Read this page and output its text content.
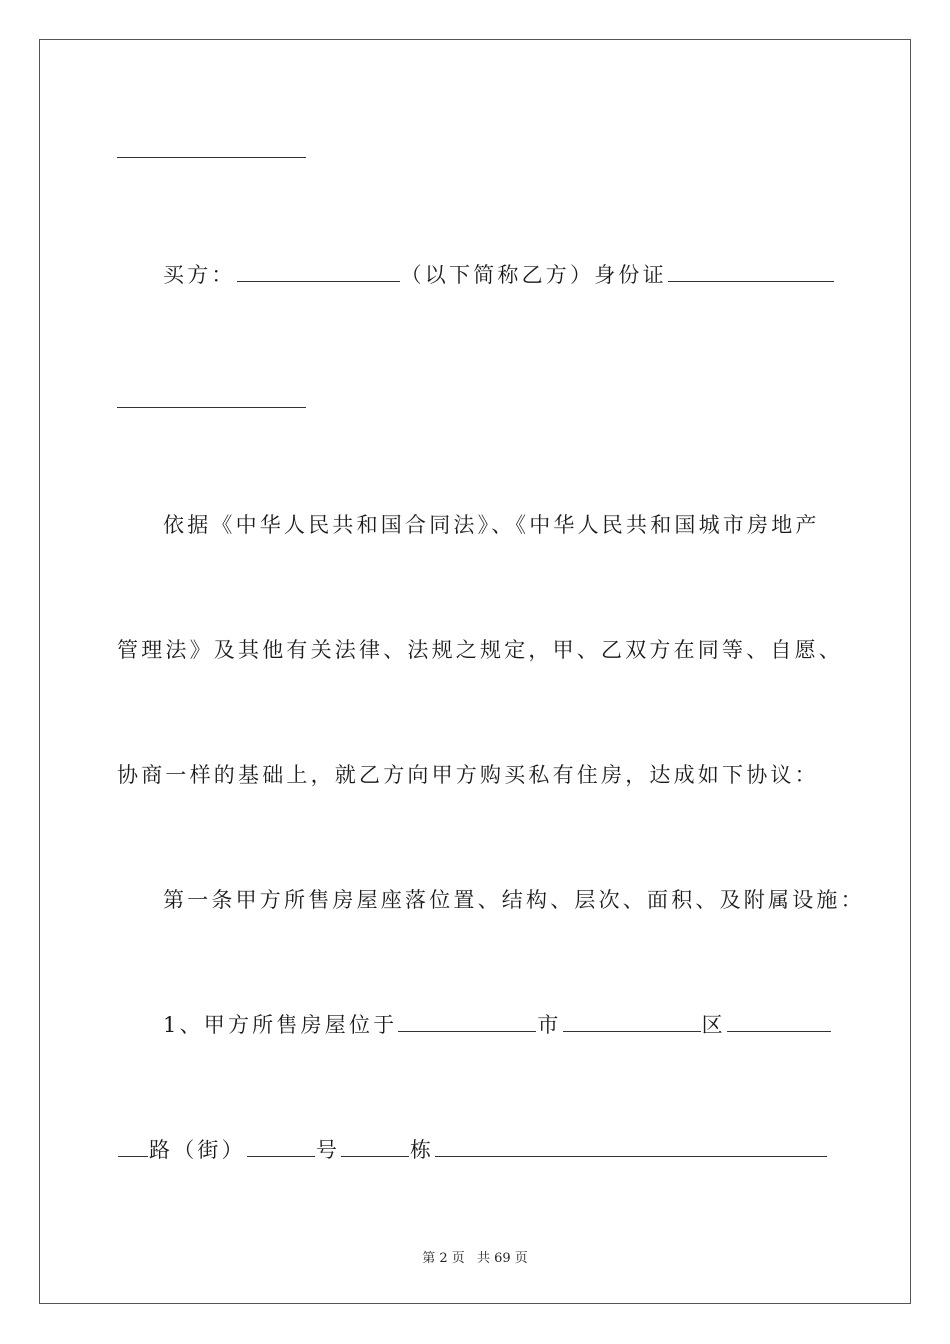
买方：	（以下简称乙方）身份证
依据《中华人民共和国合同法》、《中华人民共和国城市房地产
管理法》及其他有关法律、法规之规定，甲、乙双方在同等、自愿、
协商一样的基础上，就乙方向甲方购买私有住房，达成如下协议：
第一条甲方所售房屋座落位置、结构、层次、面积、及附属设施：
1、甲方所售房屋位于	市	区
路（街）	号	栋
第 2 页 共 69 页
